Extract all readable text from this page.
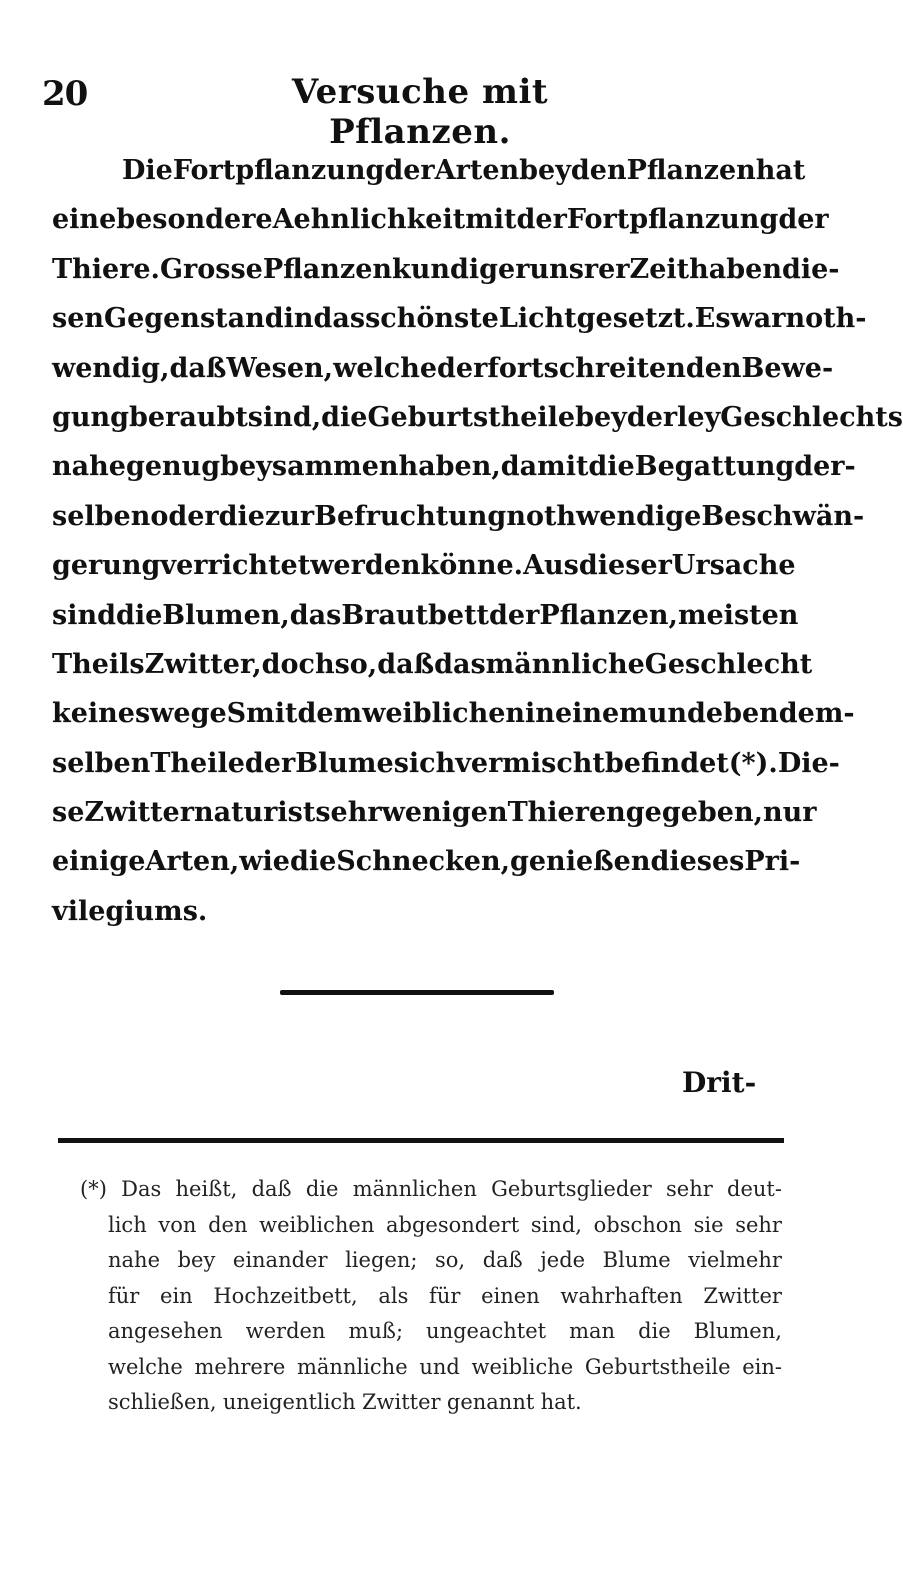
20	Versuche mit Pflanzen.
Die Fortpflanzung der Arten bey den Pflanzen hat
eine besondere Aehnlichkeit mit der Fortpflanzung der
Thiere. Grosse Pflanzenkundiger unsrer Zeit haben die-
sen Gegenstand in das schönste Licht gesetzt. Es war noth-
wendig, daß Wesen, welche der fortschreitenden Bewe-
gung beraubt sind, die Geburtstheile beyderley Geschlechts
nahe genug beysammen haben, damit die Begattung der-
selben oder die zur Befruchtung nothwendige Beschwän-
gerung verrichtet werden könne. Aus dieser Ursache
sind die Blumen, das Brautbett der Pflanzen, meisten
Theils Zwitter, doch so, daß das männliche Geschlecht
keineswegeS mit dem weiblichen in einem und eben dem-
selben Theile der Blume sich vermischt befindet (*). Die-
se Zwitternatur ist sehr wenigen Thieren gegeben, nur
einige Arten, wie die Schnecken, genießen dieses Pri-
vilegiums.
Drit-
(*) Das heißt, daß die männlichen Geburtsglieder sehr deut-
lich von den weiblichen abgesondert sind, obschon sie sehr
nahe bey einander liegen; so, daß jede Blume vielmehr
für ein Hochzeitbett, als für einen wahrhaften Zwitter
angesehen werden muß; ungeachtet man die Blumen,
welche mehrere männliche und weibliche Geburtstheile ein-
schließen, uneigentlich Zwitter genannt hat.
